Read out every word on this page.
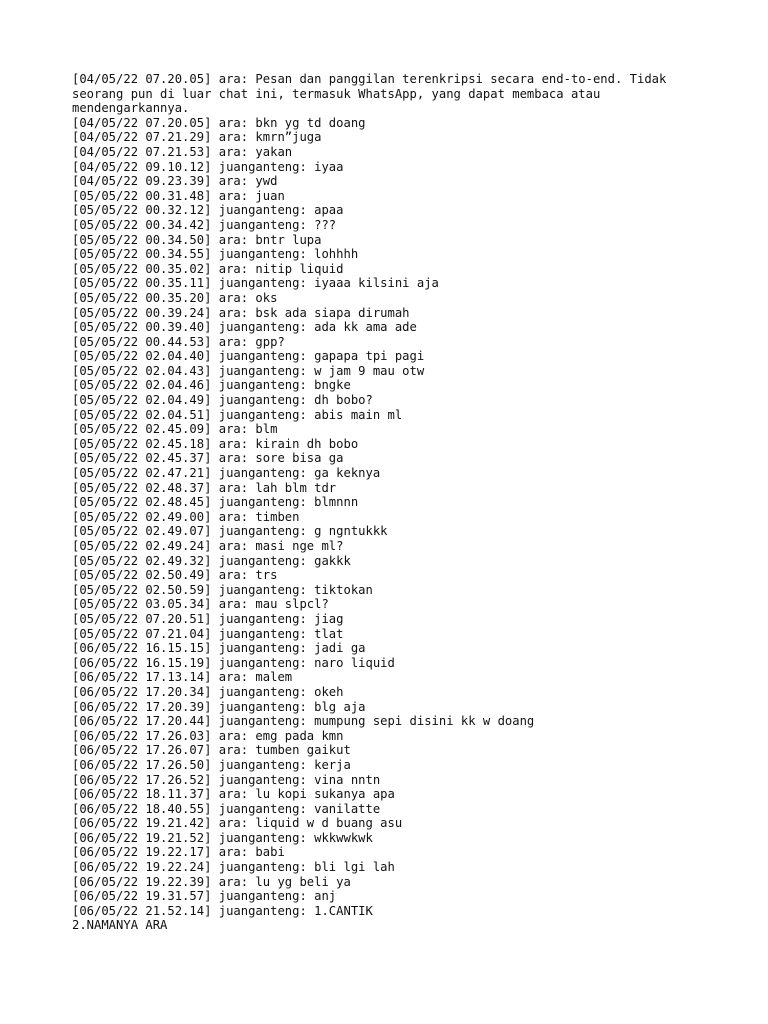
[04/05/22 07.20.05] ara: Pesan dan panggilan terenkripsi secara end-to-end. Tidak
seorang pun di luar chat ini, termasuk WhatsApp, yang dapat membaca atau
mendengarkannya.
[04/05/22 07.20.05] ara: bkn yg td doang
[04/05/22 07.21.29] ara: kmrn”juga
[04/05/22 07.21.53] ara: yakan
[04/05/22 09.10.12] juanganteng: iyaa
[04/05/22 09.23.39] ara: ywd
[05/05/22 00.31.48] ara: juan
[05/05/22 00.32.12] juanganteng: apaa
[05/05/22 00.34.42] juanganteng: ???
[05/05/22 00.34.50] ara: bntr lupa
[05/05/22 00.34.55] juanganteng: lohhhh
[05/05/22 00.35.02] ara: nitip liquid
[05/05/22 00.35.11] juanganteng: iyaaa kilsini aja
[05/05/22 00.35.20] ara: oks
[05/05/22 00.39.24] ara: bsk ada siapa dirumah
[05/05/22 00.39.40] juanganteng: ada kk ama ade
[05/05/22 00.44.53] ara: gpp?
[05/05/22 02.04.40] juanganteng: gapapa tpi pagi
[05/05/22 02.04.43] juanganteng: w jam 9 mau otw
[05/05/22 02.04.46] juanganteng: bngke
[05/05/22 02.04.49] juanganteng: dh bobo?
[05/05/22 02.04.51] juanganteng: abis main ml
[05/05/22 02.45.09] ara: blm
[05/05/22 02.45.18] ara: kirain dh bobo
[05/05/22 02.45.37] ara: sore bisa ga
[05/05/22 02.47.21] juanganteng: ga keknya
[05/05/22 02.48.37] ara: lah blm tdr
[05/05/22 02.48.45] juanganteng: blmnnn
[05/05/22 02.49.00] ara: timben
[05/05/22 02.49.07] juanganteng: g ngntukkk
[05/05/22 02.49.24] ara: masi nge ml?
[05/05/22 02.49.32] juanganteng: gakkk
[05/05/22 02.50.49] ara: trs
[05/05/22 02.50.59] juanganteng: tiktokan
[05/05/22 03.05.34] ara: mau slpcl?
[05/05/22 07.20.51] juanganteng: jiag
[05/05/22 07.21.04] juanganteng: tlat
[06/05/22 16.15.15] juanganteng: jadi ga
[06/05/22 16.15.19] juanganteng: naro liquid
[06/05/22 17.13.14] ara: malem
[06/05/22 17.20.34] juanganteng: okeh
[06/05/22 17.20.39] juanganteng: blg aja
[06/05/22 17.20.44] juanganteng: mumpung sepi disini kk w doang
[06/05/22 17.26.03] ara: emg pada kmn
[06/05/22 17.26.07] ara: tumben gaikut
[06/05/22 17.26.50] juanganteng: kerja
[06/05/22 17.26.52] juanganteng: vina nntn
[06/05/22 18.11.37] ara: lu kopi sukanya apa
[06/05/22 18.40.55] juanganteng: vanilatte
[06/05/22 19.21.42] ara: liquid w d buang asu
[06/05/22 19.21.52] juanganteng: wkkwwkwk
[06/05/22 19.22.17] ara: babi
[06/05/22 19.22.24] juanganteng: bli lgi lah
[06/05/22 19.22.39] ara: lu yg beli ya
[06/05/22 19.31.57] juanganteng: anj
[06/05/22 21.52.14] juanganteng: 1.CANTIK
2.NAMANYA ARA
